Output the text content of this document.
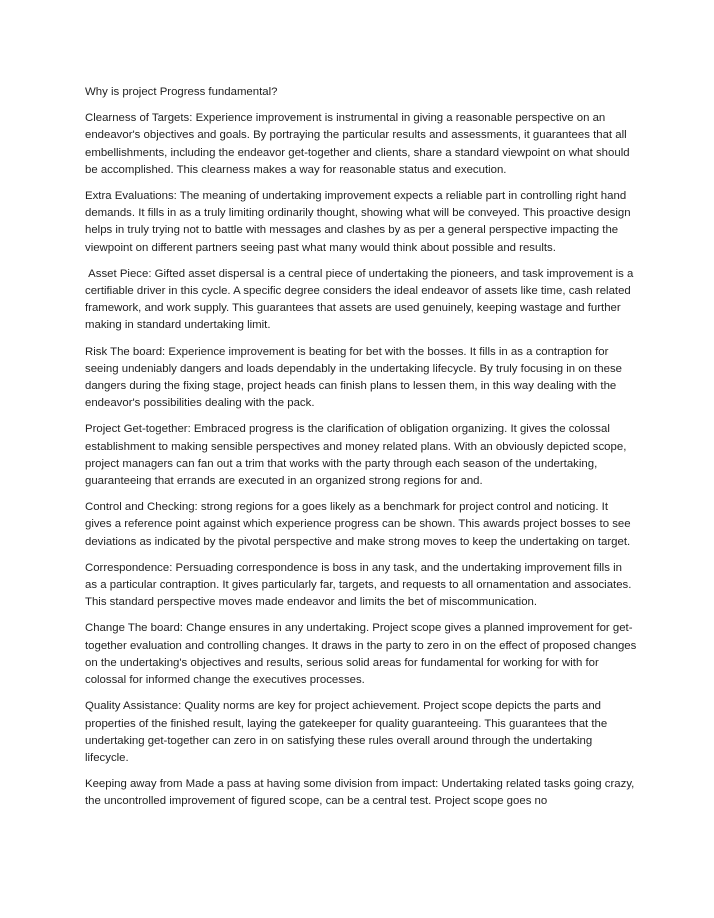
Why is project Progress fundamental?
Clearness of Targets: Experience improvement is instrumental in giving a reasonable perspective on an endeavor's objectives and goals. By portraying the particular results and assessments, it guarantees that all embellishments, including the endeavor get-together and clients, share a standard viewpoint on what should be accomplished. This clearness makes a way for reasonable status and execution.
Extra Evaluations: The meaning of undertaking improvement expects a reliable part in controlling right hand demands. It fills in as a truly limiting ordinarily thought, showing what will be conveyed. This proactive design helps in truly trying not to battle with messages and clashes by as per a general perspective impacting the viewpoint on different partners seeing past what many would think about possible and results.
Asset Piece: Gifted asset dispersal is a central piece of undertaking the pioneers, and task improvement is a certifiable driver in this cycle. A specific degree considers the ideal endeavor of assets like time, cash related framework, and work supply. This guarantees that assets are used genuinely, keeping wastage and further making in standard undertaking limit.
Risk The board: Experience improvement is beating for bet with the bosses. It fills in as a contraption for seeing undeniably dangers and loads dependably in the undertaking lifecycle. By truly focusing in on these dangers during the fixing stage, project heads can finish plans to lessen them, in this way dealing with the endeavor's possibilities dealing with the pack.
Project Get-together: Embraced progress is the clarification of obligation organizing. It gives the colossal establishment to making sensible perspectives and money related plans. With an obviously depicted scope, project managers can fan out a trim that works with the party through each season of the undertaking, guaranteeing that errands are executed in an organized strong regions for and.
Control and Checking: strong regions for a goes likely as a benchmark for project control and noticing. It gives a reference point against which experience progress can be shown. This awards project bosses to see deviations as indicated by the pivotal perspective and make strong moves to keep the undertaking on target.
Correspondence: Persuading correspondence is boss in any task, and the undertaking improvement fills in as a particular contraption. It gives particularly far, targets, and requests to all ornamentation and associates. This standard perspective moves made endeavor and limits the bet of miscommunication.
Change The board: Change ensures in any undertaking. Project scope gives a planned improvement for get-together evaluation and controlling changes. It draws in the party to zero in on the effect of proposed changes on the undertaking's objectives and results, serious solid areas for fundamental for working for with for colossal for informed change the executives processes.
Quality Assistance: Quality norms are key for project achievement. Project scope depicts the parts and properties of the finished result, laying the gatekeeper for quality guaranteeing. This guarantees that the undertaking get-together can zero in on satisfying these rules overall around through the undertaking lifecycle.
Keeping away from Made a pass at having some division from impact: Undertaking related tasks going crazy, the uncontrolled improvement of figured scope, can be a central test. Project scope goes no
